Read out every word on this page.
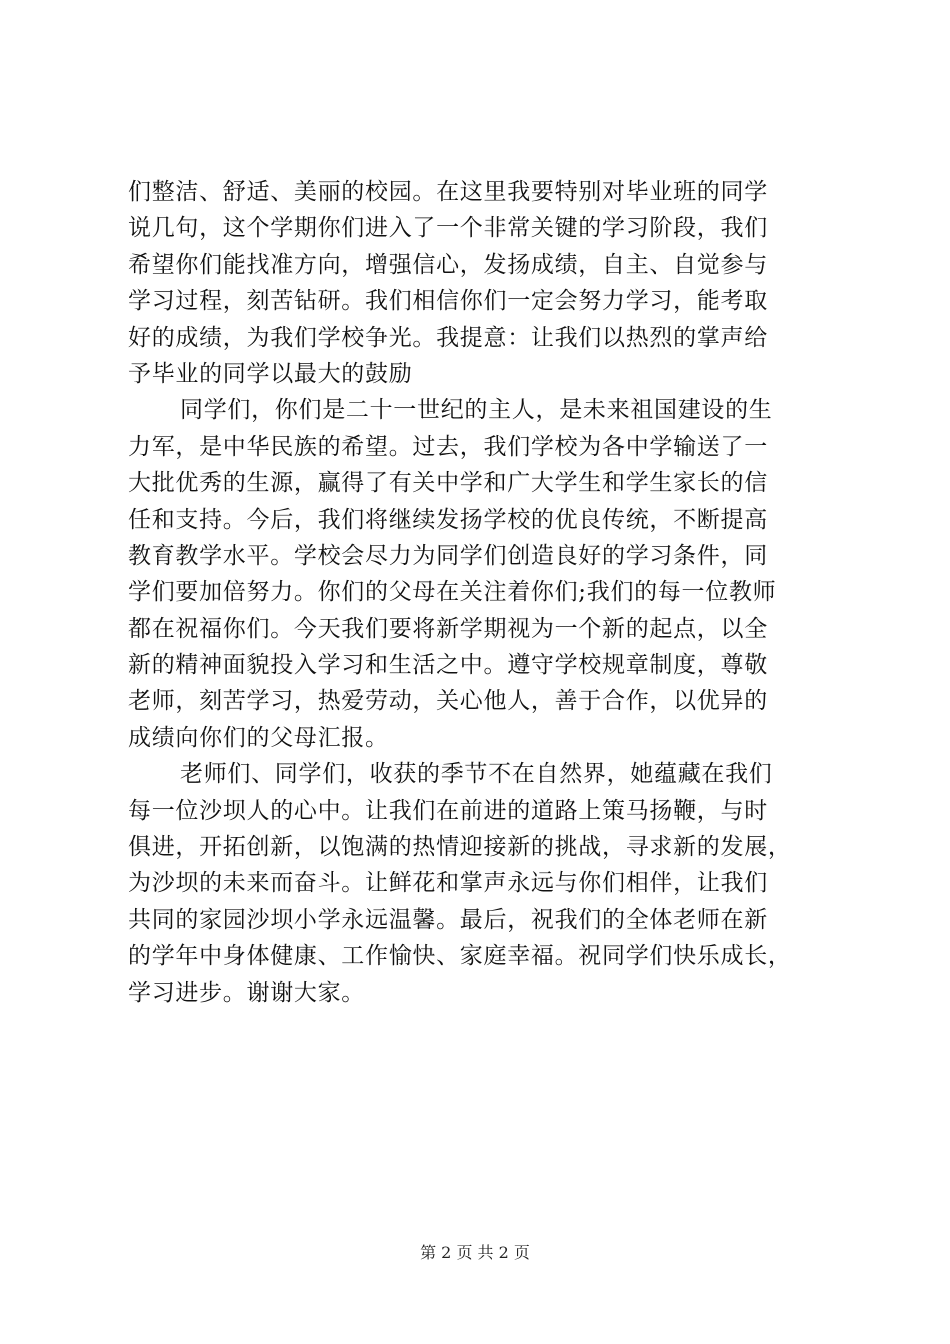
们整洁、舒适、美丽的校园。在这里我要特别对毕业班的同学
说几句，这个学期你们进入了一个非常关键的学习阶段，我们
希望你们能找准方向，增强信心，发扬成绩，自主、自觉参与
学习过程，刻苦钻研。我们相信你们一定会努力学习，能考取
好的成绩，为我们学校争光。我提意：让我们以热烈的掌声给
予毕业的同学以最大的鼓励
同学们，你们是二十一世纪的主人，是未来祖国建设的生
力军，是中华民族的希望。过去，我们学校为各中学输送了一
大批优秀的生源，赢得了有关中学和广大学生和学生家长的信
任和支持。今后，我们将继续发扬学校的优良传统，不断提高
教育教学水平。学校会尽力为同学们创造良好的学习条件，同
学们要加倍努力。你们的父母在关注着你们;我们的每一位教师
都在祝福你们。今天我们要将新学期视为一个新的起点，以全
新的精神面貌投入学习和生活之中。遵守学校规章制度，尊敬
老师，刻苦学习，热爱劳动，关心他人，善于合作，以优异的
成绩向你们的父母汇报。
老师们、同学们，收获的季节不在自然界，她蕴藏在我们
每一位沙坝人的心中。让我们在前进的道路上策马扬鞭，与时
俱进，开拓创新，以饱满的热情迎接新的挑战，寻求新的发展，
为沙坝的未来而奋斗。让鲜花和掌声永远与你们相伴，让我们
共同的家园沙坝小学永远温馨。最后，祝我们的全体老师在新
的学年中身体健康、工作愉快、家庭幸福。祝同学们快乐成长，
学习进步。谢谢大家。
第 2 页 共 2 页
